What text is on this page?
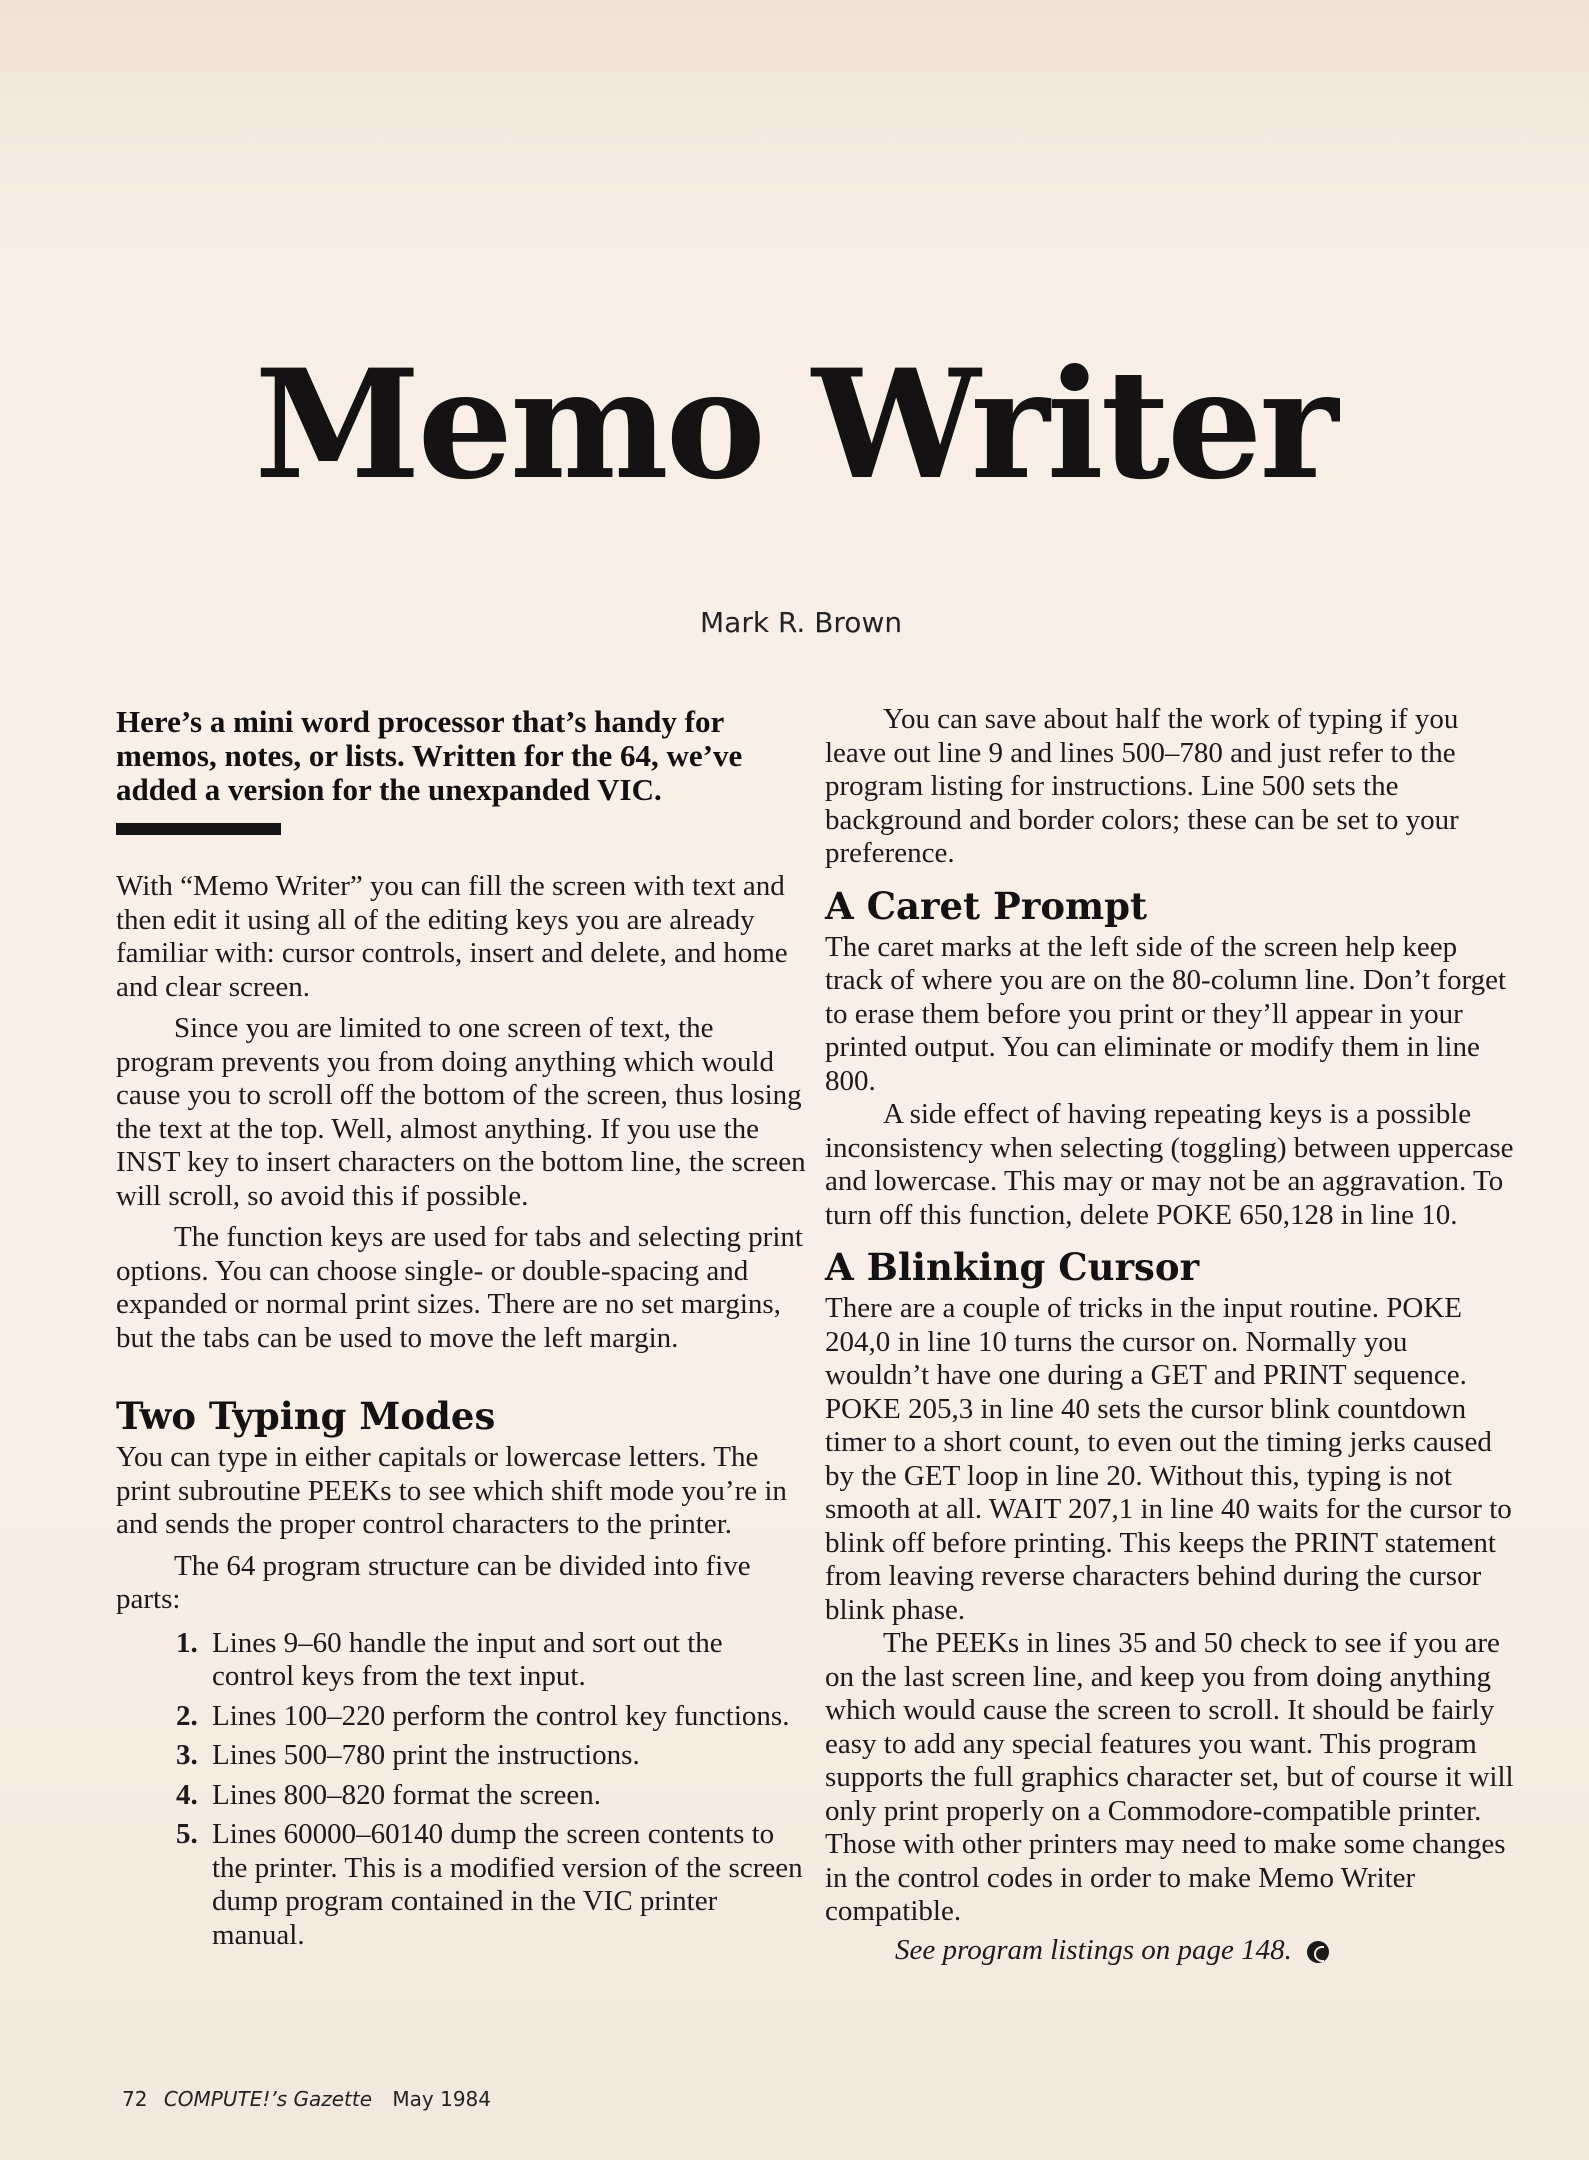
Memo Writer
Mark R. Brown

Here’s a mini word processor that’s handy for memos, notes, or lists. Written for the 64, we’ve added a version for the unexpanded VIC.

With “Memo Writer” you can fill the screen with text and then edit it using all of the editing keys you are already familiar with: cursor controls, insert and delete, and home and clear screen.

Since you are limited to one screen of text, the program prevents you from doing anything which would cause you to scroll off the bottom of the screen, thus losing the text at the top. Well, almost anything. If you use the INST key to insert characters on the bottom line, the screen will scroll, so avoid this if possible.

The function keys are used for tabs and selecting print options. You can choose single- or double-spacing and expanded or normal print sizes. There are no set margins, but the tabs can be used to move the left margin.

Two Typing Modes

You can type in either capitals or lowercase letters. The print subroutine PEEKs to see which shift mode you’re in and sends the proper control characters to the printer.

The 64 program structure can be divided into five parts:

1. Lines 9–60 handle the input and sort out the control keys from the text input.
2. Lines 100–220 perform the control key functions.
3. Lines 500–780 print the instructions.
4. Lines 800–820 format the screen.
5. Lines 60000–60140 dump the screen contents to the printer. This is a modified version of the screen dump program contained in the VIC printer manual.

You can save about half the work of typing if you leave out line 9 and lines 500–780 and just refer to the program listing for instructions. Line 500 sets the background and border colors; these can be set to your preference.

A Caret Prompt

The caret marks at the left side of the screen help keep track of where you are on the 80-column line. Don’t forget to erase them before you print or they’ll appear in your printed output. You can eliminate or modify them in line 800.

A side effect of having repeating keys is a possible inconsistency when selecting (toggling) between uppercase and lowercase. This may or may not be an aggravation. To turn off this function, delete POKE 650,128 in line 10.

A Blinking Cursor

There are a couple of tricks in the input routine. POKE 204,0 in line 10 turns the cursor on. Normally you wouldn’t have one during a GET and PRINT sequence. POKE 205,3 in line 40 sets the cursor blink countdown timer to a short count, to even out the timing jerks caused by the GET loop in line 20. Without this, typing is not smooth at all. WAIT 207,1 in line 40 waits for the cursor to blink off before printing. This keeps the PRINT statement from leaving reverse characters behind during the cursor blink phase.

The PEEKs in lines 35 and 50 check to see if you are on the last screen line, and keep you from doing anything which would cause the screen to scroll. It should be fairly easy to add any special features you want. This program supports the full graphics character set, but of course it will only print properly on a Commodore-compatible printer. Those with other printers may need to make some changes in the control codes in order to make Memo Writer compatible.

See program listings on page 148.
72 COMPUTE!’s Gazette May 1984
